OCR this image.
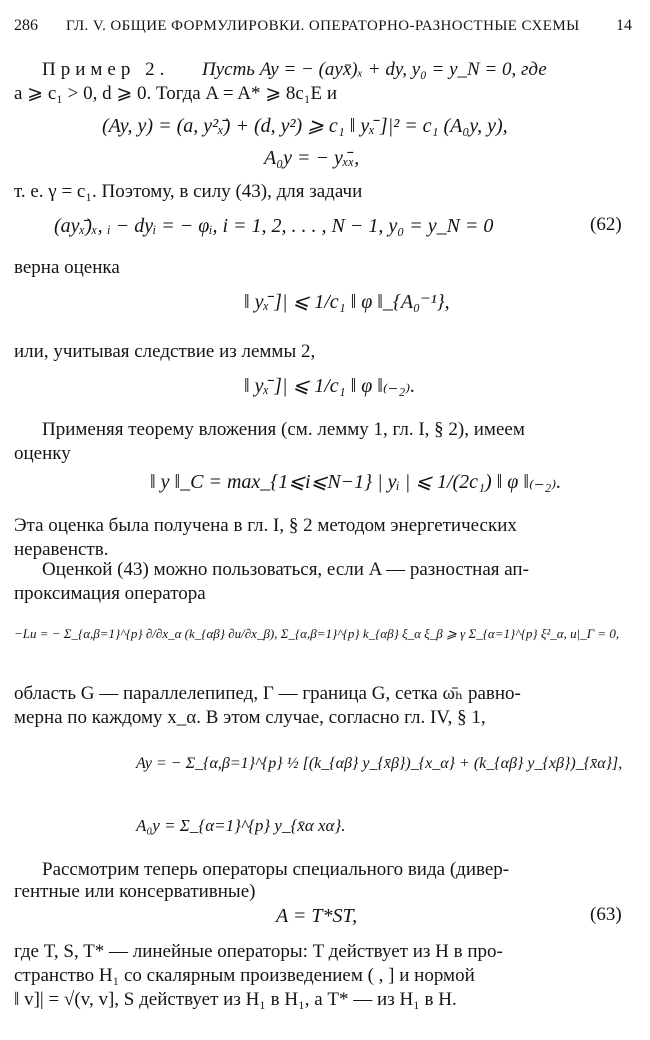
286 ГЛ. V. ОБЩИЕ ФОРМУЛИРОВКИ. ОПЕРАТОРНО-РАЗНОСТНЫЕ СХЕМЫ 14
Пример 2. Пусть Ay = − (ayx̄)ₓ + dy, y₀ = y_N = 0, где
a ⩾ c₁ > 0, d ⩾ 0. Тогда A = A* ⩾ 8c₁E и
(Ay, y) = (a, y²ₓ̄) + (d, y²) ⩾ c₁ ‖ yₓ̄ ]|² = c₁ (A₀y, y),
A₀y = − yₓ̄ₓ,
т. е. γ = c₁. Поэтому, в силу (43), для задачи
(ayₓ̄)ₓ, ᵢ − dyᵢ = − φᵢ, i = 1, 2, . . . , N − 1, y₀ = y_N = 0	(62)
верна оценка
‖ yₓ̄ ]| ⩽ 1/c₁ ‖ φ ‖_{A₀⁻¹},
или, учитывая следствие из леммы 2,
‖ yₓ̄ ]| ⩽ 1/c₁ ‖ φ ‖₍₋₂₎.
Применяя теорему вложения (см. лемму 1, гл. I, § 2), имеем
оценку
‖ y ‖_C = max_{1⩽i⩽N−1} | yᵢ | ⩽ 1/(2c₁) ‖ φ ‖₍₋₂₎.
Эта оценка была получена в гл. I, § 2 методом энергетических
неравенств.
Оценкой (43) можно пользоваться, если A — разностная ап-
проксимация оператора
−Lu = − Σ_{α,β=1}^{p} ∂/∂x_α (k_{αβ} ∂u/∂x_β), Σ_{α,β=1}^{p} k_{αβ} ξ_α ξ_β ⩾ γ Σ_{α=1}^{p} ξ²_α, u|_Γ = 0,
область G — параллелепипед, Γ — граница G, сетка ω̄ₕ равно-
мерна по каждому x_α. В этом случае, согласно гл. IV, § 1,
Ay = − Σ_{α,β=1}^{p} ½ [(k_{αβ} y_{x̄β})_{x_α} + (k_{αβ} y_{xβ})_{x̄α}],
A₀y = Σ_{α=1}^{p} y_{x̄α xα}.
Рассмотрим теперь операторы специального вида (дивер-
гентные или консервативные)
A = T*ST,	(63)
где T, S, T* — линейные операторы: T действует из H в про-
странство H₁ со скалярным произведением ( , ] и нормой
‖ v]| = √(v, v], S действует из H₁ в H₁, а T* — из H₁ в H.
